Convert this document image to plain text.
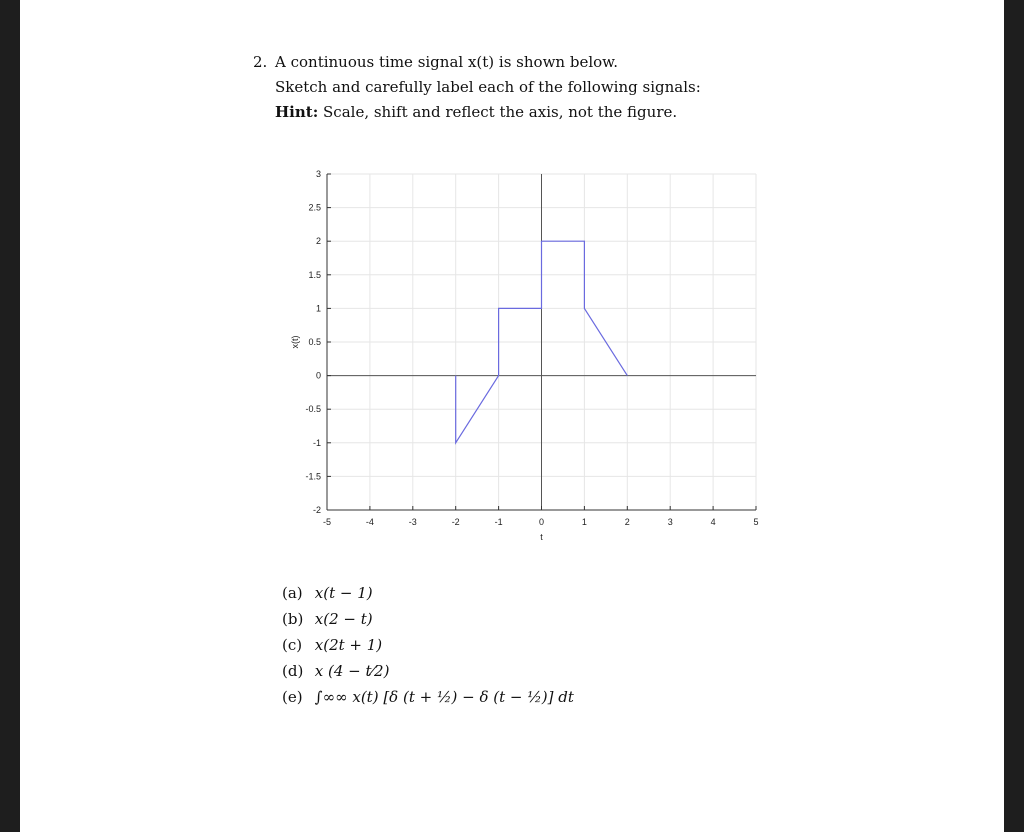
2. A continuous time signal x(t) is shown below.
Sketch and carefully label each of the following signals:
Hint: Scale, shift and reflect the axis, not the figure.
-5	-4	-3	-2	-1	0	1	2	3	4	5
-2
-1.5
-1
-0.5
0
0.5
1
1.5
2
2.5
3
t
x(t)
(a) x(t − 1)
(b) x(2 − t)
(c) x(2t + 1)
(d) x (4 − t⁄2)
(e) ∫∞∞ x(t) [δ (t + ½) − δ (t − ½)] dt
